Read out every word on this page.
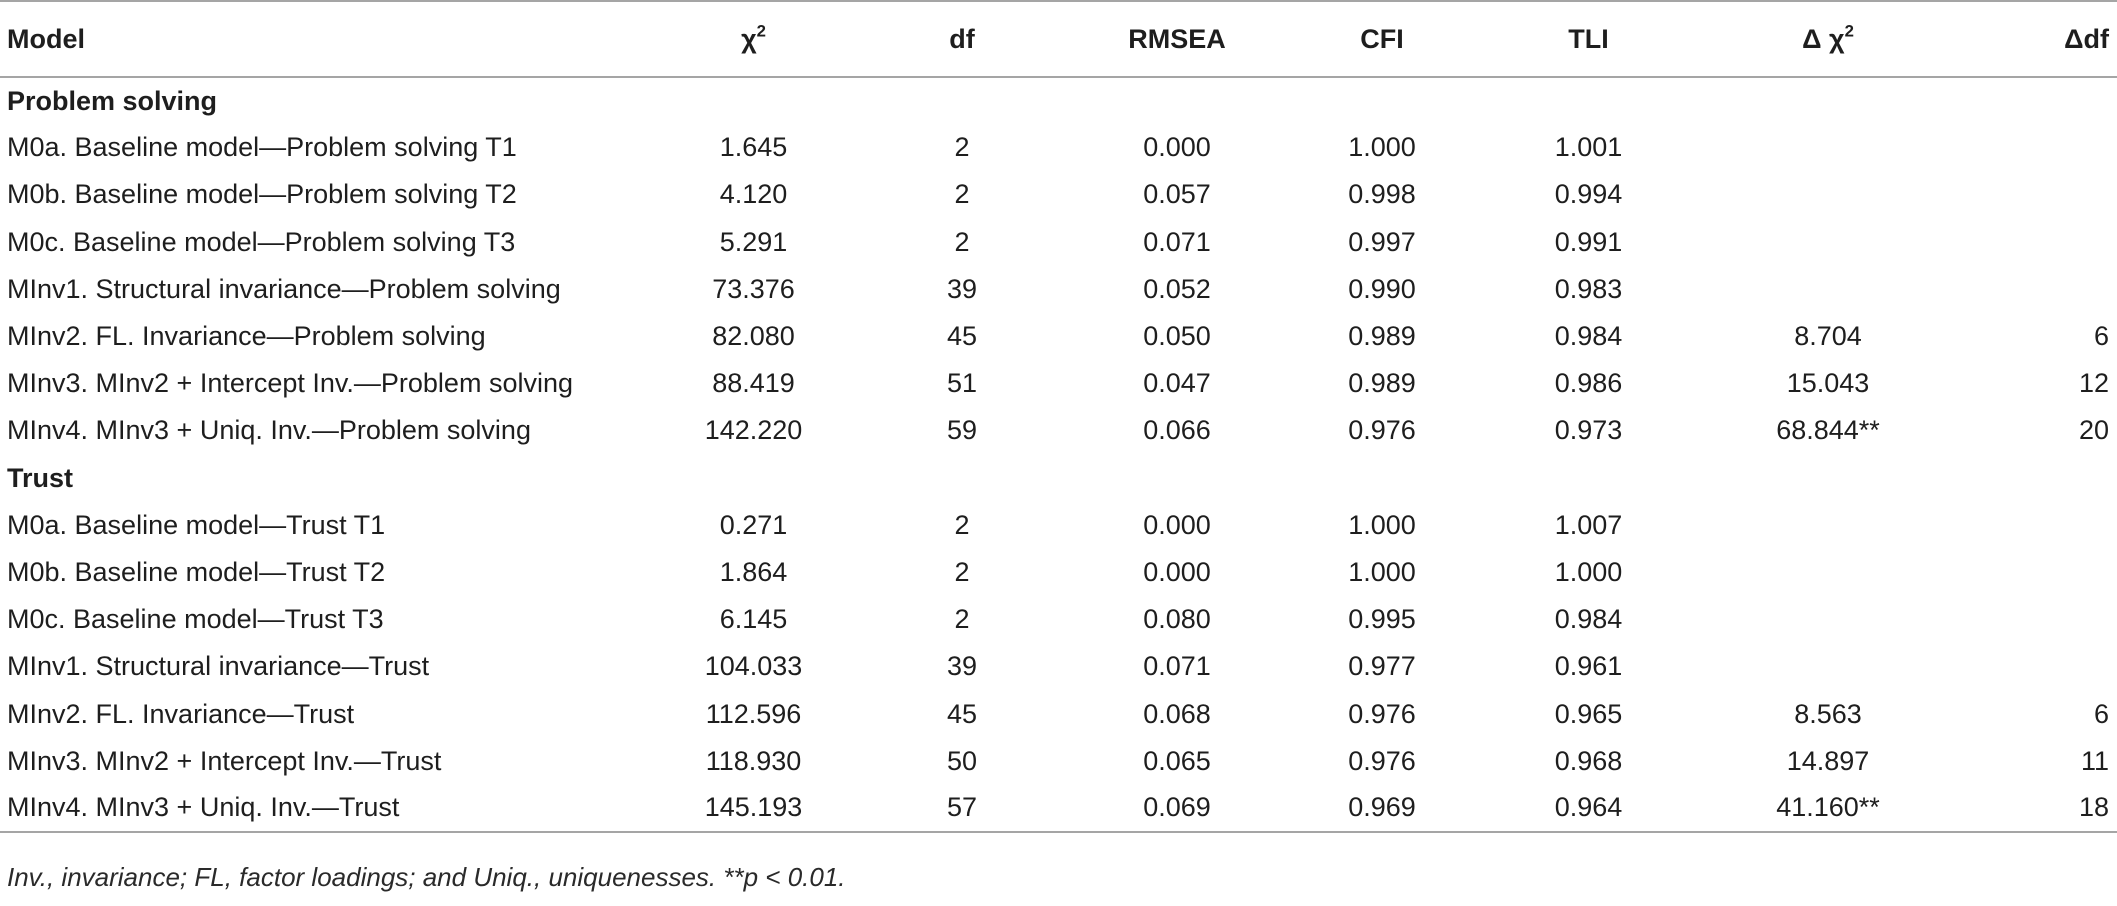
Model	$\chi^2$	df	RMSEA	CFI	TLI	Δ $\chi^2$	Δdf
Problem solving							
M0a. Baseline model—Problem solving T1	1.645	2	0.000	1.000	1.001		
M0b. Baseline model—Problem solving T2	4.120	2	0.057	0.998	0.994		
M0c. Baseline model—Problem solving T3	5.291	2	0.071	0.997	0.991		
MInv1. Structural invariance—Problem solving	73.376	39	0.052	0.990	0.983		
MInv2. FL. Invariance—Problem solving	82.080	45	0.050	0.989	0.984	8.704	6
MInv3. MInv2 + Intercept Inv.—Problem solving	88.419	51	0.047	0.989	0.986	15.043	12
MInv4. MInv3 + Uniq. Inv.—Problem solving	142.220	59	0.066	0.976	0.973	68.844**	20
Trust							
M0a. Baseline model—Trust T1	0.271	2	0.000	1.000	1.007		
M0b. Baseline model—Trust T2	1.864	2	0.000	1.000	1.000		
M0c. Baseline model—Trust T3	6.145	2	0.080	0.995	0.984		
MInv1. Structural invariance—Trust	104.033	39	0.071	0.977	0.961		
MInv2. FL. Invariance—Trust	112.596	45	0.068	0.976	0.965	8.563	6
MInv3. MInv2 + Intercept Inv.—Trust	118.930	50	0.065	0.976	0.968	14.897	11
MInv4. MInv3 + Uniq. Inv.—Trust	145.193	57	0.069	0.969	0.964	41.160**	18
Inv., invariance; FL, factor loadings; and Uniq., uniquenesses. **p < 0.01.
